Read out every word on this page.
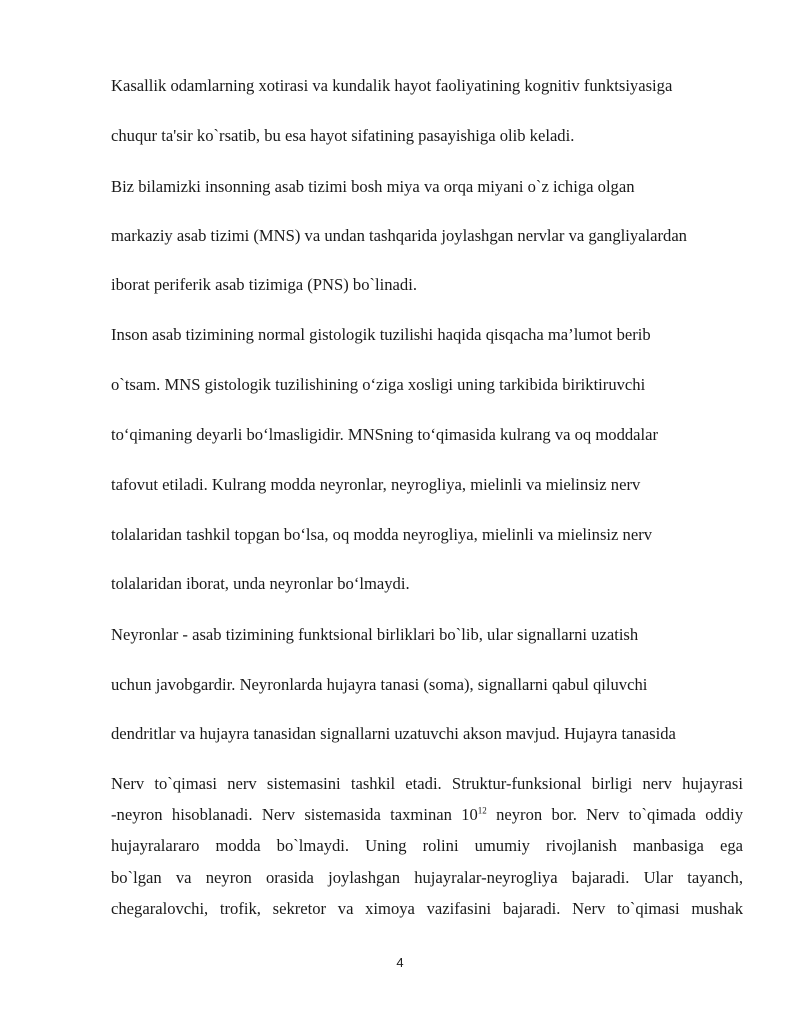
Kasallik odamlarning xotirasi va kundalik hayot faoliyatining kognitiv funktsiyasiga

chuqur ta'sir ko`rsatib, bu esa hayot sifatining pasayishiga olib keladi.

Biz bilamizki insonning asab tizimi bosh miya va orqa miyani o`z ichiga olgan

markaziy asab tizimi (MNS) va undan tashqarida joylashgan nervlar va gangliyalardan

iborat periferik asab tizimiga (PNS) bo`linadi.

Inson asab tizimining normal gistologik tuzilishi haqida qisqacha ma’lumot berib

o`tsam. MNS gistologik tuzilishining o‘ziga xosligi uning tarkibida biriktiruvchi

to‘qimaning deyarli bo‘lmasligidir. MNSning to‘qimasida kulrang va oq moddalar

tafovut etiladi. Kulrang modda neyronlar, neyrogliya, mielinli va mielinsiz nerv

tolalaridan tashkil topgan bo‘lsa, oq modda neyrogliya, mielinli va mielinsiz nerv

tolalaridan iborat, unda neyronlar bo‘lmaydi.

Neyronlar - asab tizimining funktsional birliklari bo`lib, ular signallarni uzatish

uchun javobgardir. Neyronlarda hujayra tanasi (soma), signallarni qabul qiluvchi

dendritlar va hujayra tanasidan signallarni uzatuvchi akson mavjud. Hujayra tanasida

Nerv to`qimasi nerv sistemasini tashkil etadi. Struktur-funksional birligi nerv hujayrasi

-neyron hisoblanadi. Nerv sistemasida taxminan $10^{12}$ neyron bor. Nerv to`qimada oddiy

hujayralararo modda bo`lmaydi. Uning rolini umumiy rivojlanish manbasiga ega

bo`lgan va neyron orasida joylashgan hujayralar-neyrogliya bajaradi. Ular tayanch,

chegaralovchi, trofik, sekretor va ximoya vazifasini bajaradi. Nerv to`qimasi mushak

4
